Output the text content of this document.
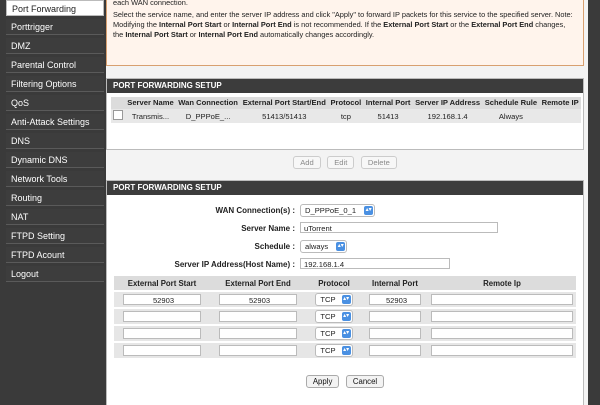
Port Forwarding
Porttrigger
DMZ
Parental Control
Filtering Options
QoS
Anti-Attack Settings
DNS
Dynamic DNS
Network Tools
Routing
NAT
FTPD Setting
FTPD Acount
Logout

each WAN connection.

Select the service name, and enter the server IP address and click "Apply" to forward IP packets for this service to the specified server. Note: Modifying the Internal Port Start or Internal Port End is not recommended. If the External Port Start or the External Port End changes, the Internal Port Start or Internal Port End automatically changes accordingly.

PORT FORWARDING SETUP
	Server Name	Wan Connection	External Port Start/End	Protocol	Internal Port	Server IP Address	Schedule Rule	Remote IP
	Transmis...	D_PPPoE_...	51413/51413	tcp	51413	192.168.1.4	Always	
Add	Edit	Delete
PORT FORWARDING SETUP
WAN Connection(s) :	D_PPPoE_0_1 ▴▾
Server Name :	uTorrent
Schedule :	always ▴▾
Server IP Address(Host Name) :	192.168.1.4
External Port Start	External Port End	Protocol	Internal Port	Remote Ip
52903	52903	TCP ▴▾	52903	
		TCP ▴▾		

		TCP ▴▾		

		TCP ▴▾		

Apply	Cancel
